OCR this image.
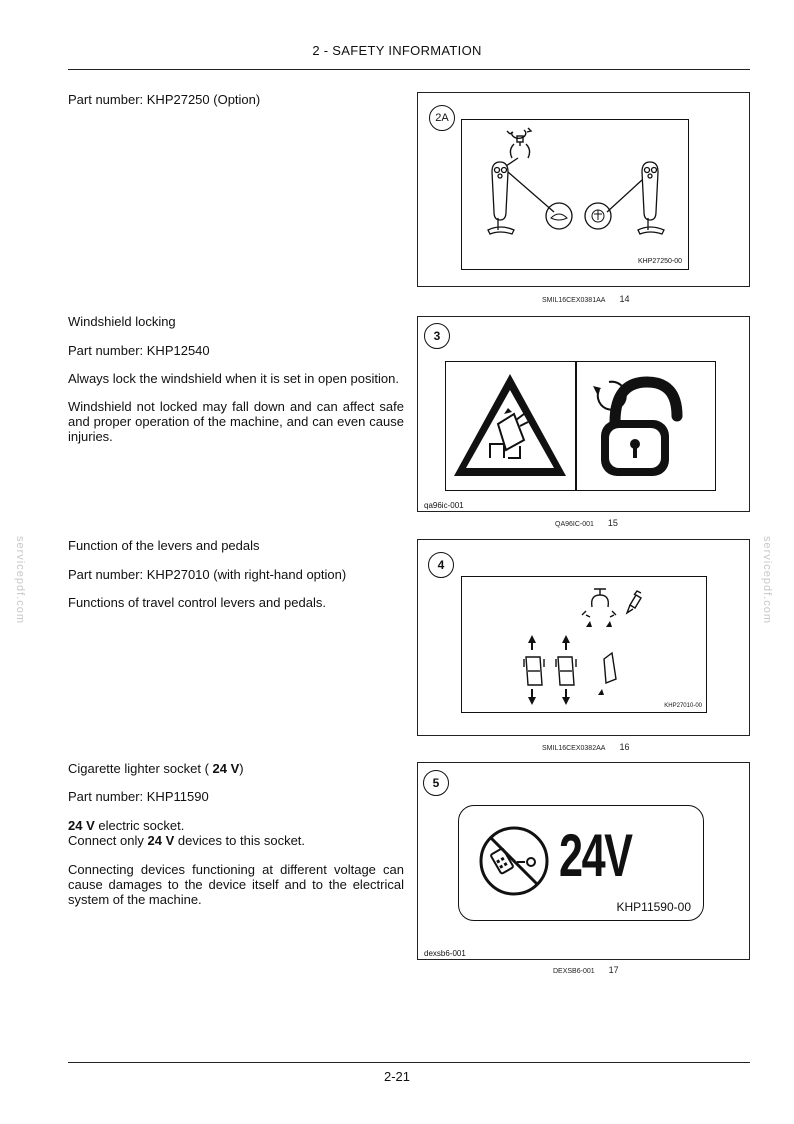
2 - SAFETY INFORMATION
servicepdf.com	servicepdf.com
Part number: KHP27250 (Option)
2A
KHP27250-00
SMIL16CEX0381AA 14
Windshield locking
Part number: KHP12540
Always lock the windshield when it is set in open position.
Windshield not locked may fall down and can affect safe and proper operation of the machine, and can even cause injuries.
3
qa96ic-001
QA96IC-001 15
Function of the levers and pedals
Part number: KHP27010 (with right-hand option)
Functions of travel control levers and pedals.
4
KHP27010-00
SMIL16CEX0382AA 16
Cigarette lighter socket ( 24 V)
Part number: KHP11590
24 V electric socket.
Connect only 24 V devices to this socket.
Connecting devices functioning at different voltage can cause damages to the device itself and to the electrical system of the machine.
5
24V
KHP11590-00
dexsb6-001
DEXSB6-001 17
2-21
